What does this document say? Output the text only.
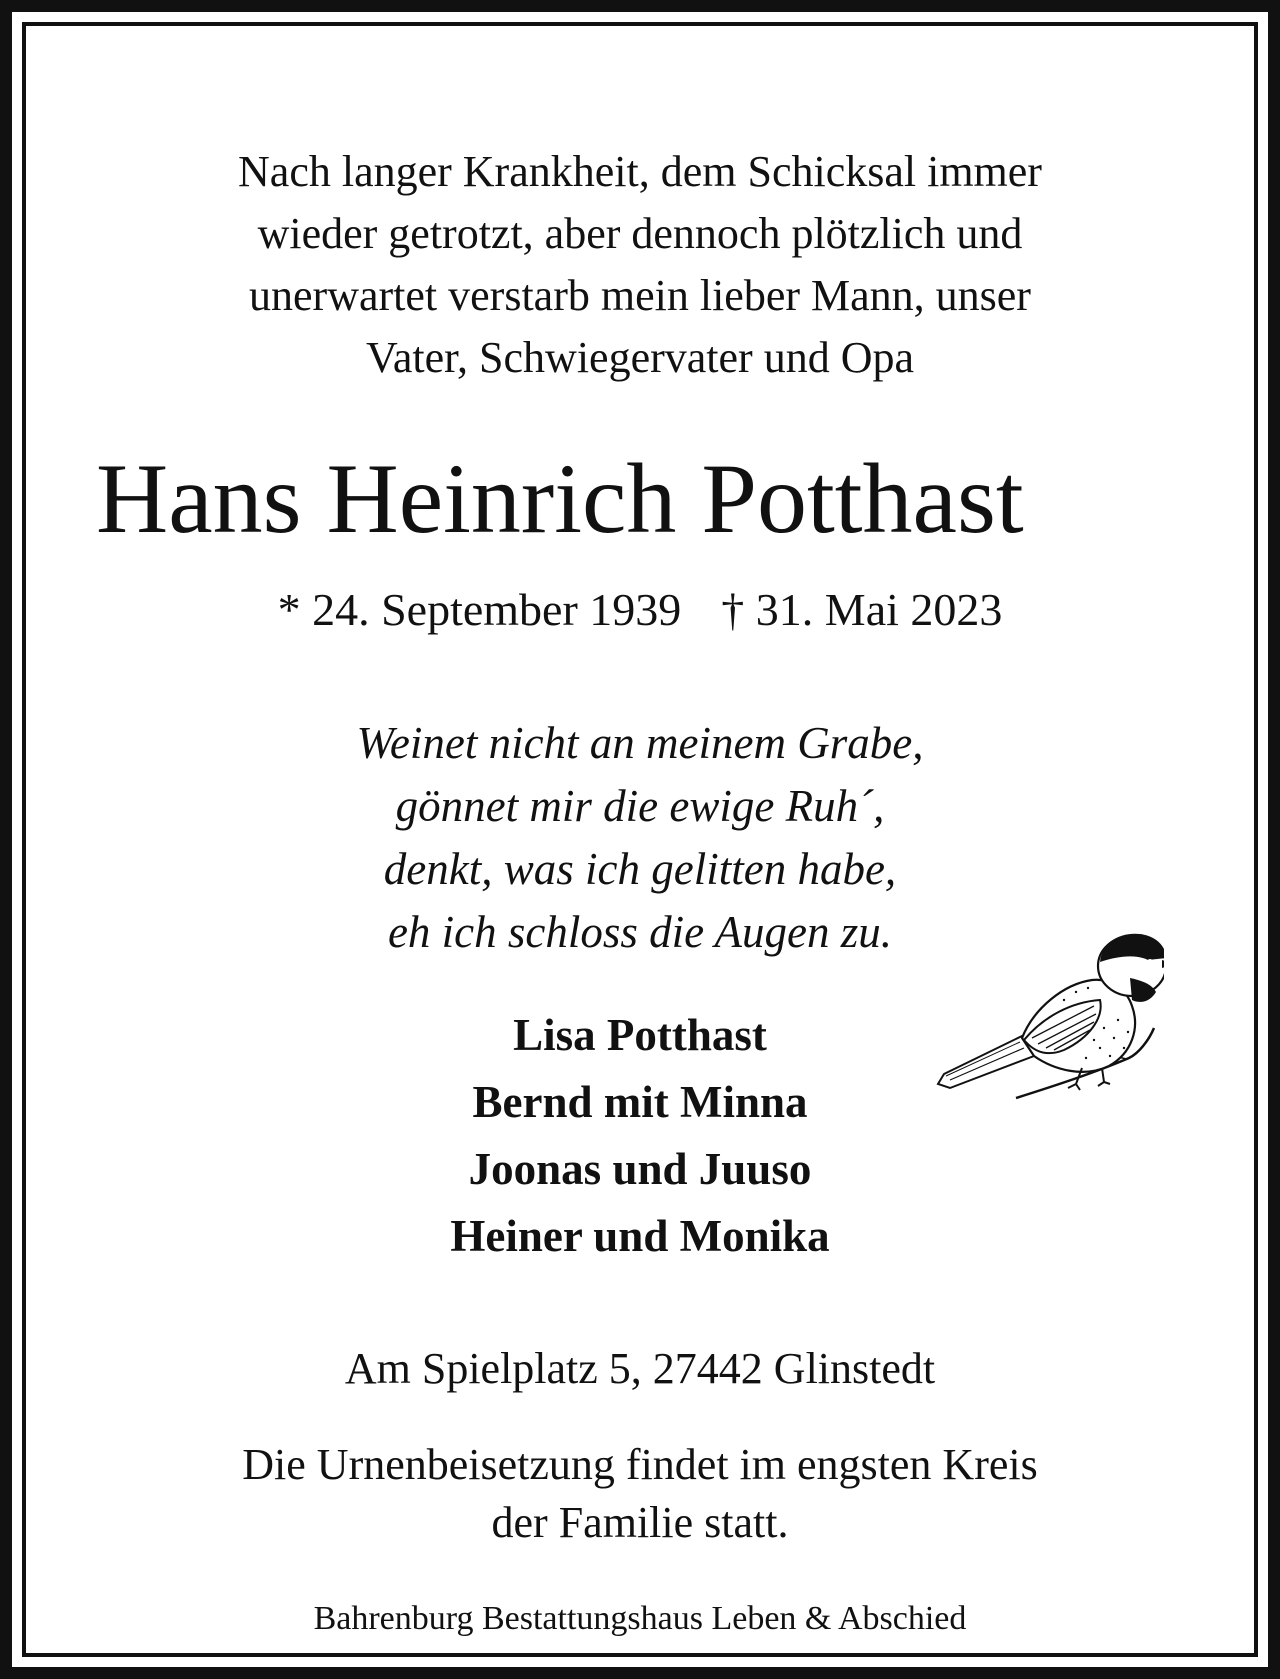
Nach langer Krankheit, dem Schicksal immer
wieder getrotzt, aber dennoch plötzlich und
unerwartet verstarb mein lieber Mann, unser
Vater, Schwiegervater und Opa
Hans Heinrich Potthast
* 24. September 1939 † 31. Mai 2023
Weinet nicht an meinem Grabe,
gönnet mir die ewige Ruh´,
denkt, was ich gelitten habe,
eh ich schloss die Augen zu.
Lisa Potthast
Bernd mit Minna
Joonas und Juuso
Heiner und Monika
Am Spielplatz 5, 27442 Glinstedt
Die Urnenbeisetzung findet im engsten Kreis
der Familie statt.
Bahrenburg Bestattungshaus Leben & Abschied
